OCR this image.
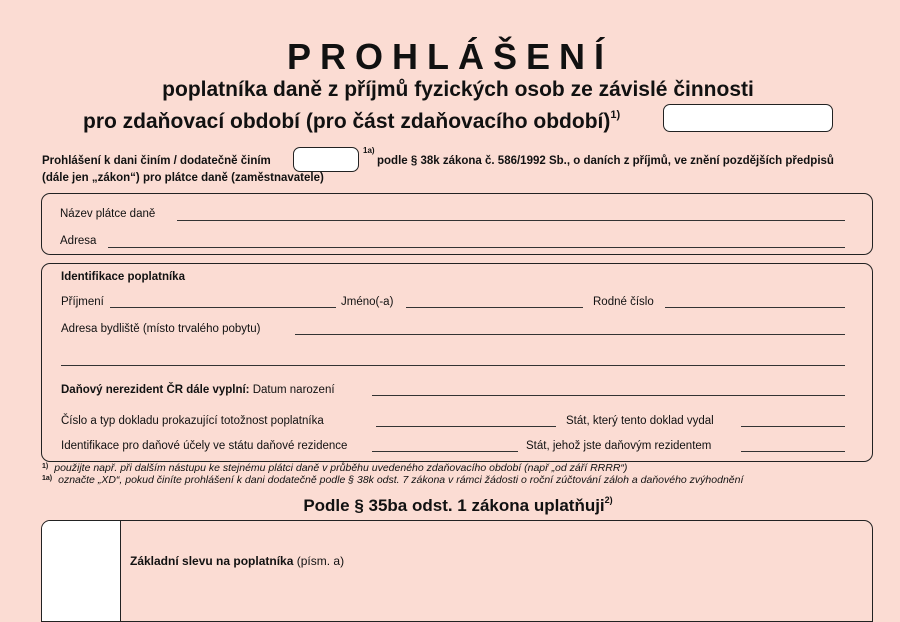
PROHLÁŠENÍ
poplatníka daně z příjmů fyzických osob ze závislé činnosti
pro zdaňovací období (pro část zdaňovacího období)$^{1)}$
Prohlášení k dani činím / dodatečně činím
1a)
podle § 38k zákona č. 586/1992 Sb., o daních z příjmů, ve znění pozdějších předpisů
(dále jen „zákon“) pro plátce daně (zaměstnavatele)
Název plátce daně
Adresa
Identifikace poplatníka
Příjmení	Jméno(-a)	Rodné číslo
Adresa bydliště (místo trvalého pobytu)
Daňový nerezident ČR dále vyplní: Datum narození
Číslo a typ dokladu prokazující totožnost poplatníka	Stát, který tento doklad vydal
Identifikace pro daňové účely ve státu daňové rezidence	Stát, jehož jste daňovým rezidentem
$^{1)}$ použijte např. při dalším nástupu ke stejnému plátci daně v průběhu uvedeného zdaňovacího období (např „od září RRRR“)
$^{1a)}$ označte „XD“, pokud činíte prohlášení k dani dodatečně podle § 38k odst. 7 zákona v rámci žádosti o roční zúčtování záloh a daňového zvýhodnění
Podle § 35ba odst. 1 zákona uplatňuji$^{2)}$
Základní slevu na poplatníka (písm. a)
